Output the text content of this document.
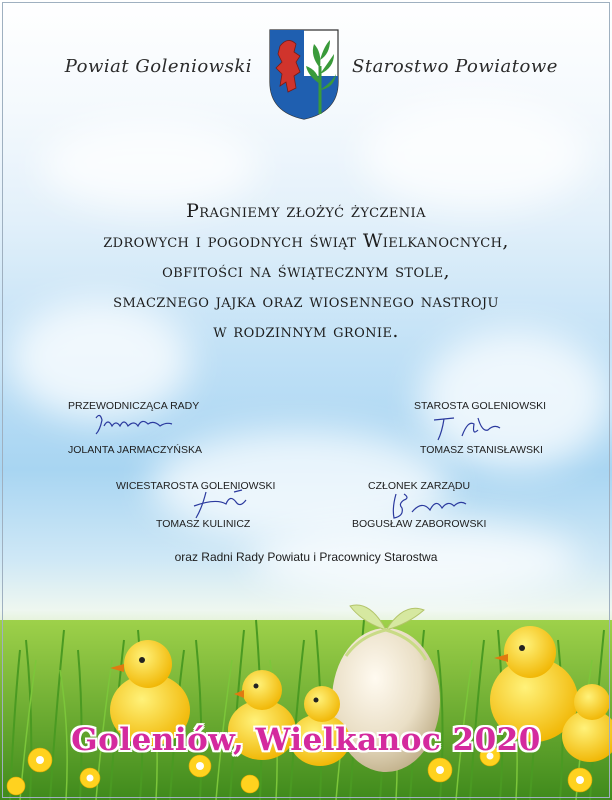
Powiat Goleniowski	Starostwo Powiatowe
Pragniemy złożyć życzenia
zdrowych i pogodnych świąt Wielkanocnych,
obfitości na świątecznym stole,
smacznego jajka oraz wiosennego nastroju
w rodzinnym gronie.
PRZEWODNICZĄCA RADY
JOLANTA JARMACZYŃSKA
STAROSTA GOLENIOWSKI
TOMASZ STANISŁAWSKI
WICESTAROSTA GOLENIOWSKI
TOMASZ KULINICZ
CZŁONEK ZARZĄDU
BOGUSŁAW ZABOROWSKI
oraz Radni Rady Powiatu i Pracownicy Starostwa
Goleniów, Wielkanoc 2020
